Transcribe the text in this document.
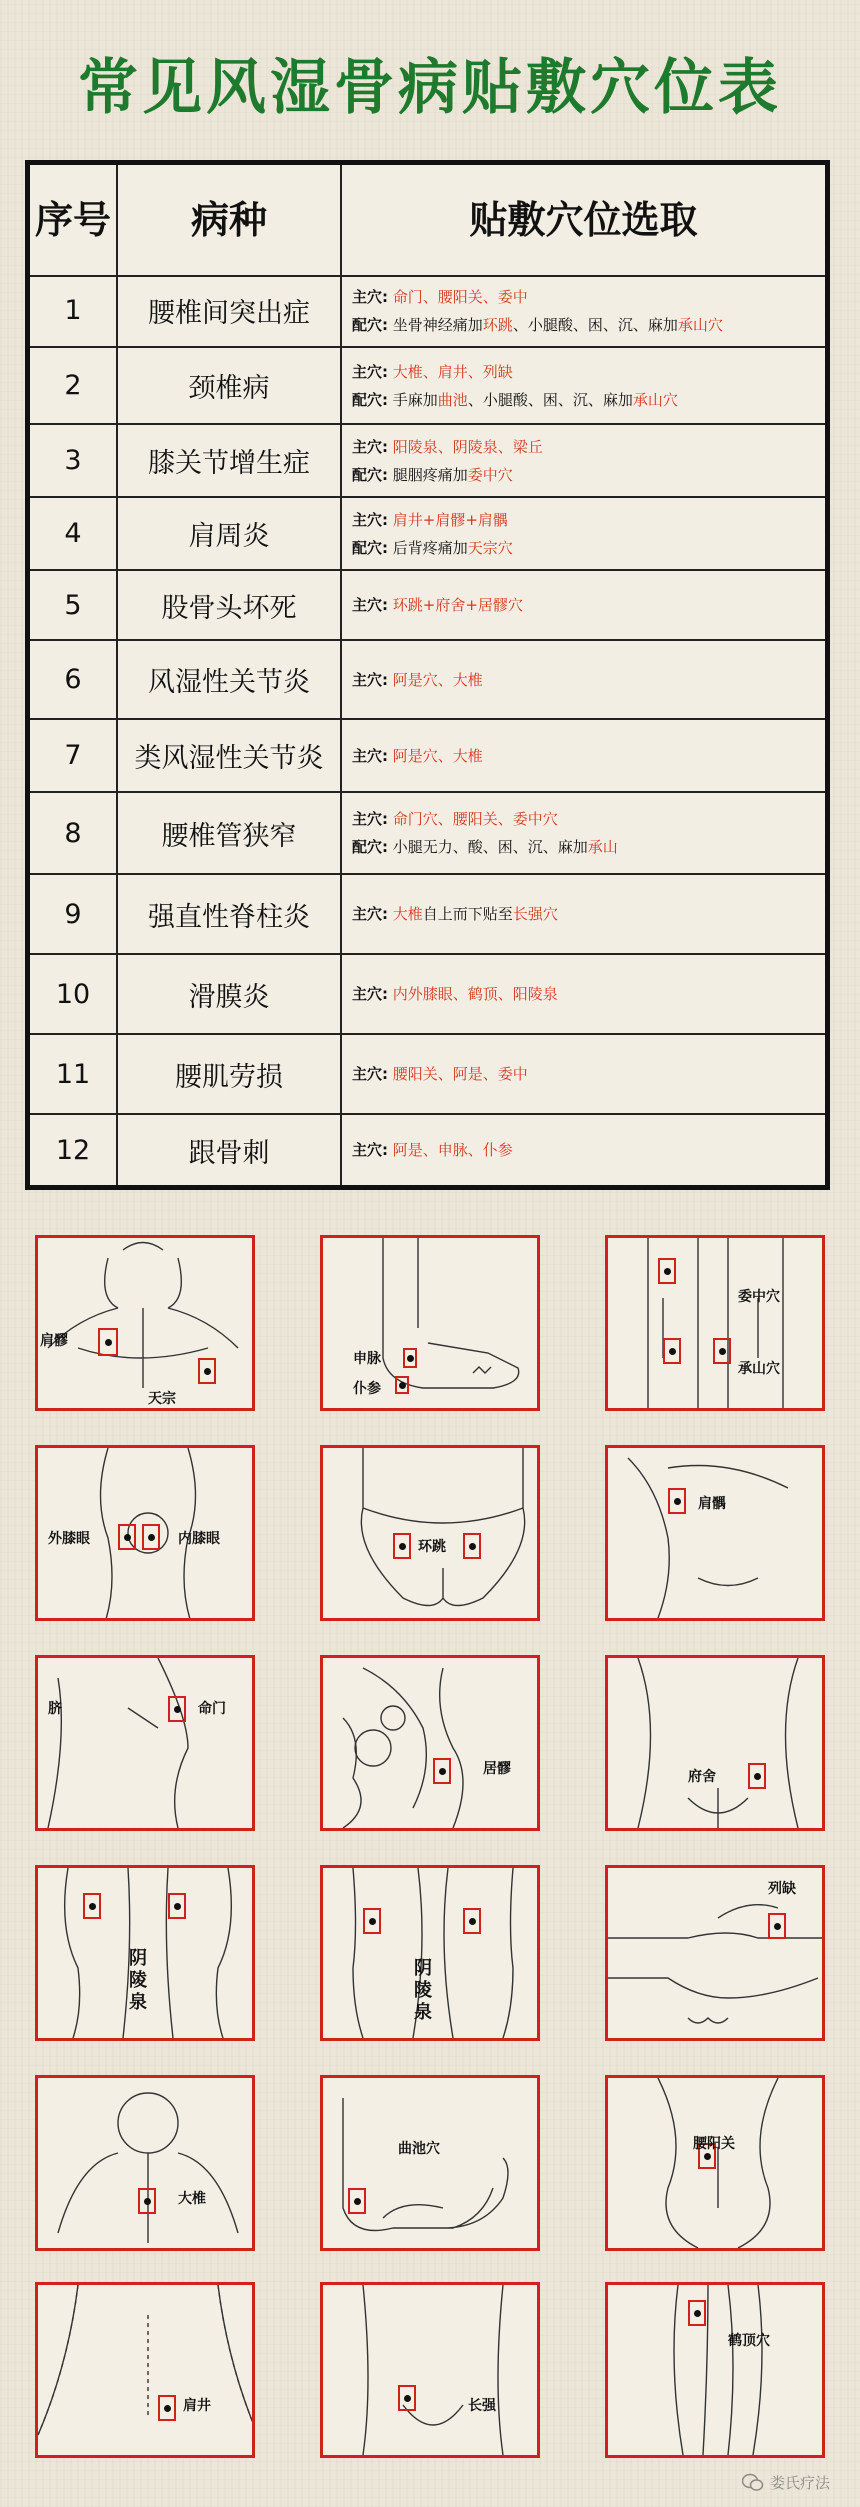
常见风湿骨病贴敷穴位表
序号	病种	贴敷穴位选取
1	腰椎间突出症
主穴: 命门、腰阳关、委中
配穴: 坐骨神经痛加环跳、小腿酸、困、沉、麻加承山穴
2	颈椎病
主穴: 大椎、肩井、列缺
配穴: 手麻加曲池、小腿酸、困、沉、麻加承山穴
3	膝关节增生症
主穴: 阳陵泉、阴陵泉、梁丘
配穴: 腿胭疼痛加委中穴
4	肩周炎
主穴: 肩井+肩髎+肩髃
配穴: 后背疼痛加天宗穴
5	股骨头坏死	主穴: 环跳+府舍+居髎穴
6	风湿性关节炎	主穴: 阿是穴、大椎
7	类风湿性关节炎	主穴: 阿是穴、大椎
8	腰椎管狭窄
主穴: 命门穴、腰阳关、委中穴
配穴: 小腿无力、酸、困、沉、麻加承山
9	强直性脊柱炎	主穴: 大椎自上而下贴至长强穴
10	滑膜炎	主穴: 内外膝眼、鹤顶、阳陵泉
11	腰肌劳损	主穴: 腰阳关、阿是、委中
12	跟骨刺	主穴: 阿是、申脉、仆参
肩髎
天宗
申脉
仆参
委中穴
承山穴
外膝眼	内膝眼	环跳
肩髃
命门
脐
居髎	府舍
阴陵泉
阴陵泉
列缺
大椎
曲池穴	腰阳关
肩井	长强
鹤顶穴
娄氏疗法
